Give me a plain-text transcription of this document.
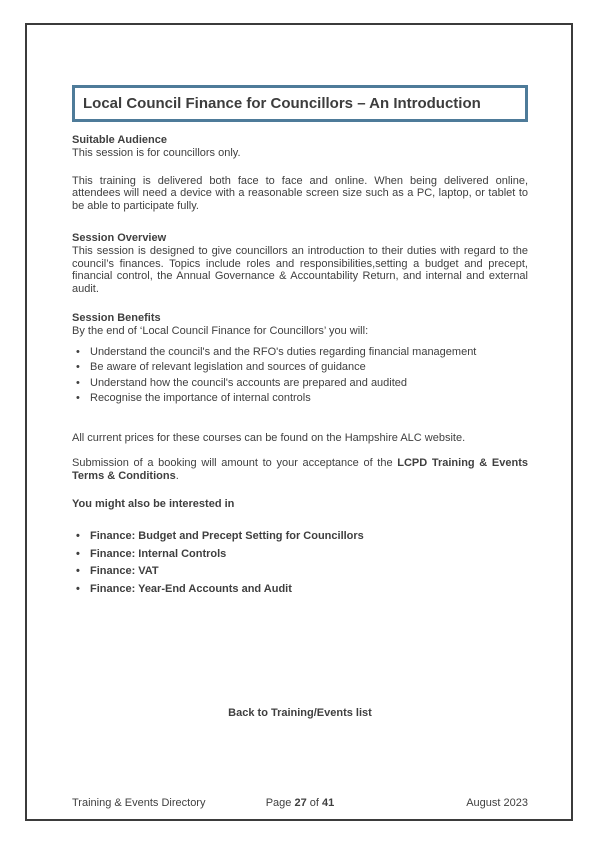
Local Council Finance for Councillors – An Introduction
Suitable Audience

This session is for councillors only.

This training is delivered both face to face and online. When being delivered online, attendees will need a device with a reasonable screen size such as a PC, laptop, or tablet to be able to participate fully.

Session Overview

This session is designed to give councillors an introduction to their duties with regard to the council’s finances. Topics include roles and responsibilities,setting a budget and precept, financial control, the Annual Governance & Accountability Return, and internal and external audit.

Session Benefits

By the end of ‘Local Council Finance for Councillors’ you will:

• Understand the council's and the RFO's duties regarding financial management
• Be aware of relevant legislation and sources of guidance
• Understand how the council's accounts are prepared and audited
• Recognise the importance of internal controls

All current prices for these courses can be found on the Hampshire ALC website.

Submission of a booking will amount to your acceptance of the LCPD Training & Events Terms & Conditions.

You might also be interested in
• Finance: Budget and Precept Setting for Councillors
• Finance: Internal Controls
• Finance: VAT
• Finance: Year-End Accounts and Audit
Back to Training/Events list
Training & Events Directory	Page 27 of 41	August 2023
